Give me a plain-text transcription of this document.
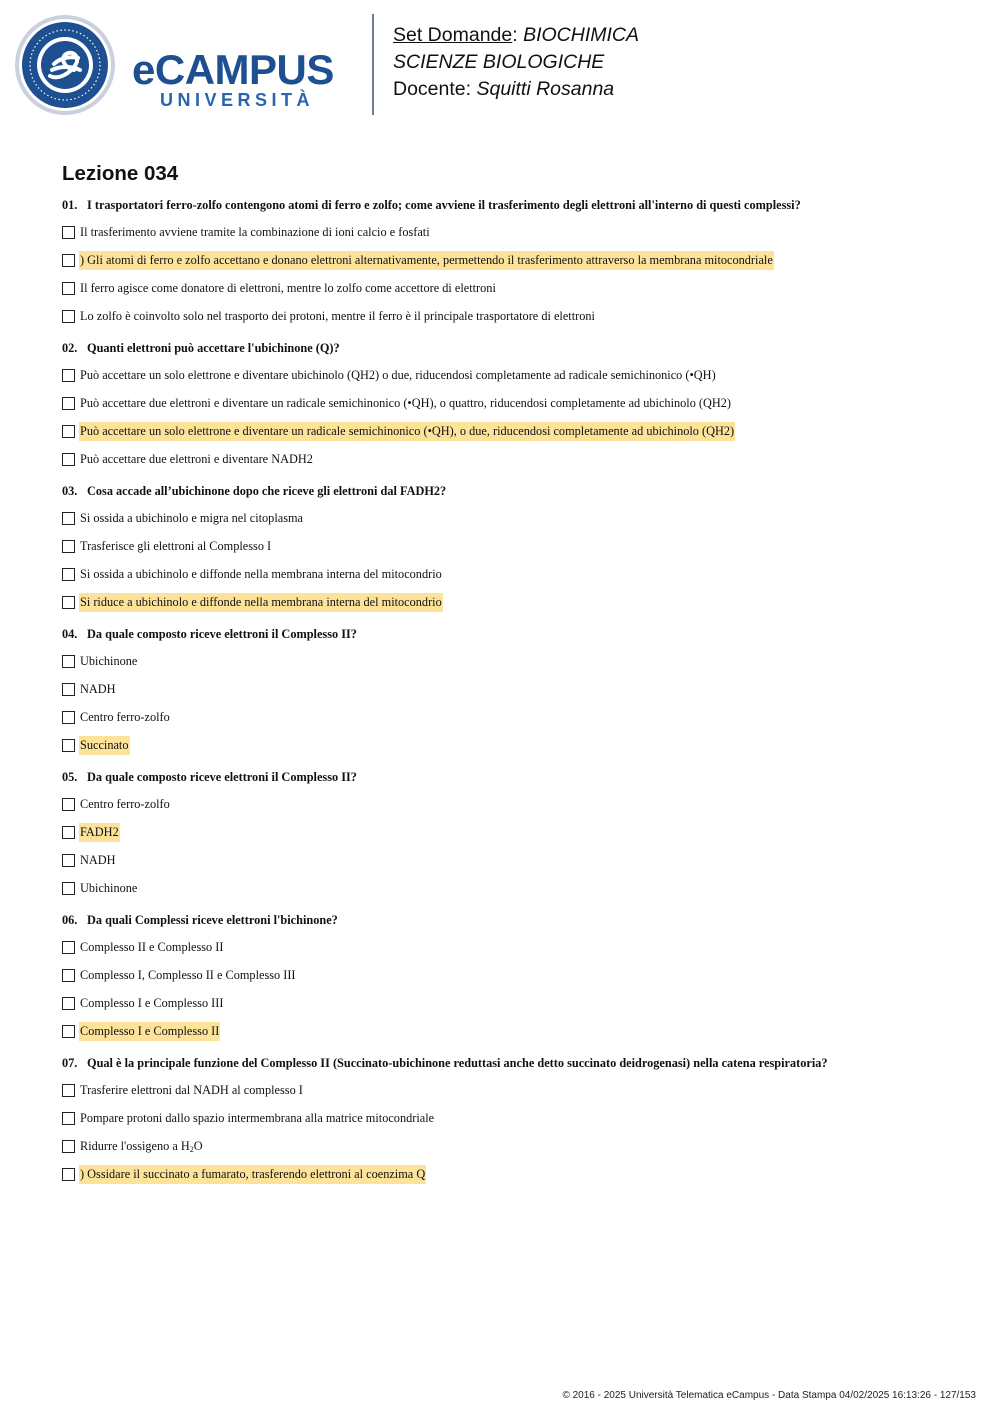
eCAMPUS
UNIVERSITÀ
Set Domande: BIOCHIMICA
SCIENZE BIOLOGICHE
Docente: Squitti Rosanna
Lezione 034
01. I trasportatori ferro-zolfo contengono atomi di ferro e zolfo; come avviene il trasferimento degli elettroni all'interno di questi complessi?
Il trasferimento avviene tramite la combinazione di ioni calcio e fosfati
) Gli atomi di ferro e zolfo accettano e donano elettroni alternativamente, permettendo il trasferimento attraverso la membrana mitocondriale
Il ferro agisce come donatore di elettroni, mentre lo zolfo come accettore di elettroni
Lo zolfo è coinvolto solo nel trasporto dei protoni, mentre il ferro è il principale trasportatore di elettroni
02. Quanti elettroni può accettare l'ubichinone (Q)?
Può accettare un solo elettrone e diventare ubichinolo (QH2) o due, riducendosi completamente ad radicale semichinonico (•QH)
Può accettare due elettroni e diventare un radicale semichinonico (•QH), o quattro, riducendosi completamente ad ubichinolo (QH2)
Può accettare un solo elettrone e diventare un radicale semichinonico (•QH), o due, riducendosi completamente ad ubichinolo (QH2)
Può accettare due elettroni e diventare NADH2
03. Cosa accade all’ubichinone dopo che riceve gli elettroni dal FADH2?
Si ossida a ubichinolo e migra nel citoplasma
Trasferisce gli elettroni al Complesso I
Si ossida a ubichinolo e diffonde nella membrana interna del mitocondrio
Si riduce a ubichinolo e diffonde nella membrana interna del mitocondrio
04. Da quale composto riceve elettroni il Complesso II?
Ubichinone
NADH
Centro ferro-zolfo
Succinato
05. Da quale composto riceve elettroni il Complesso II?
Centro ferro-zolfo
FADH2
NADH
Ubichinone
06. Da quali Complessi riceve elettroni l'bichinone?
Complesso II e Complesso II
Complesso I, Complesso II e Complesso III
Complesso I e Complesso III
Complesso I e Complesso II
07. Qual è la principale funzione del Complesso II (Succinato-ubichinone reduttasi anche detto succinato deidrogenasi) nella catena respiratoria?
Trasferire elettroni dal NADH al complesso I
Pompare protoni dallo spazio intermembrana alla matrice mitocondriale
Ridurre l'ossigeno a $H_2O$
) Ossidare il succinato a fumarato, trasferendo elettroni al coenzima Q
© 2016 - 2025 Università Telematica eCampus - Data Stampa 04/02/2025 16:13:26 - 127/153
